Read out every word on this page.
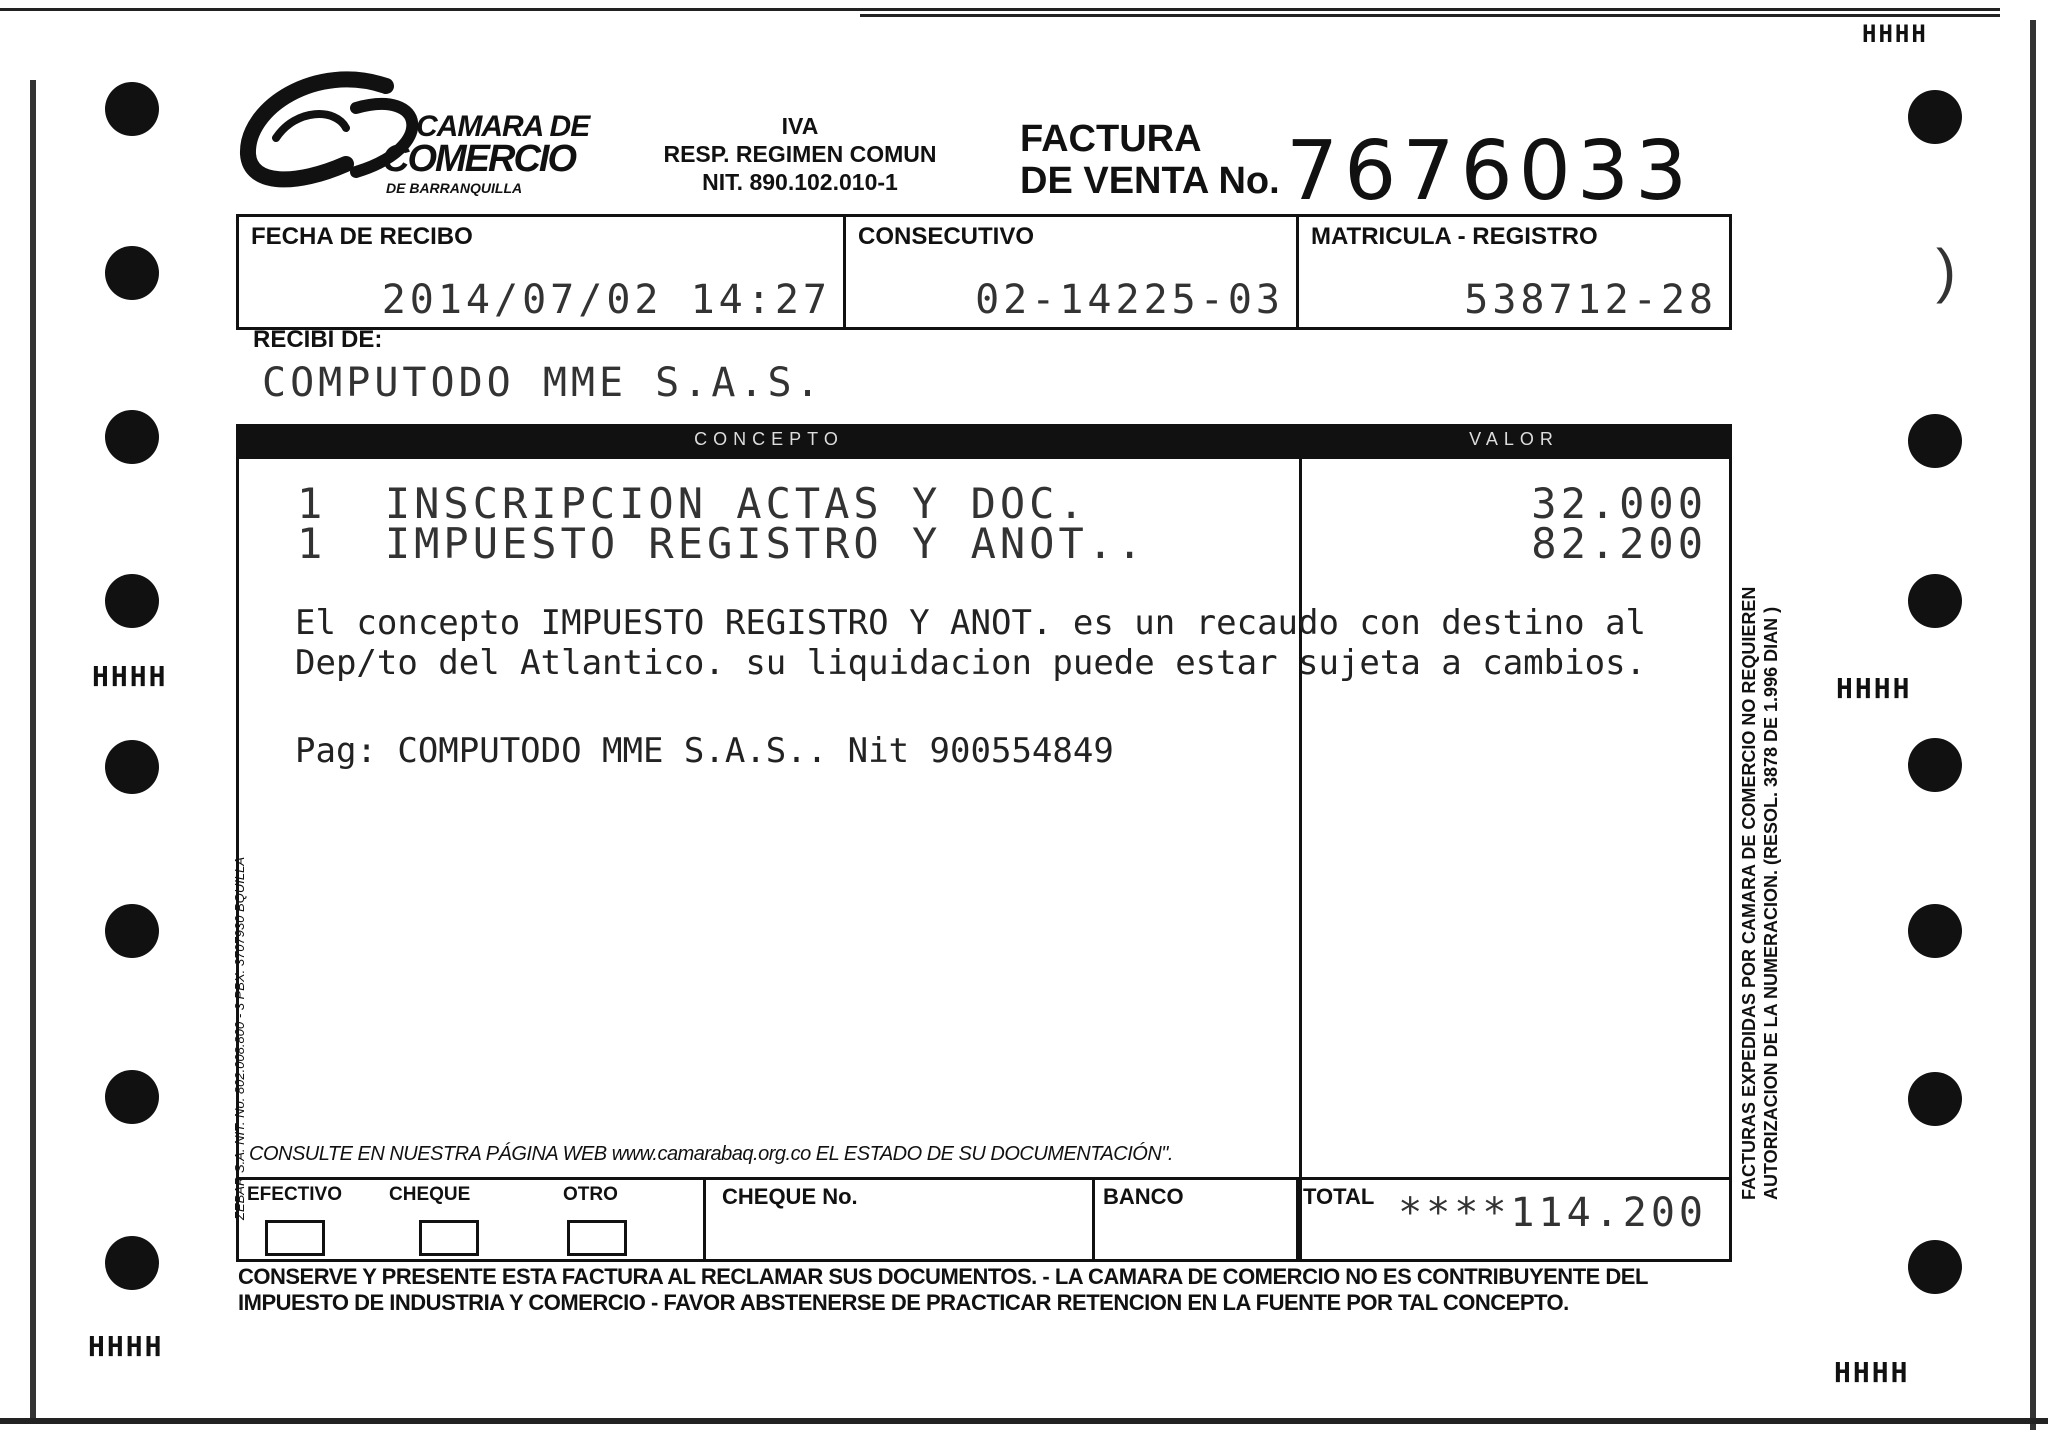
HHHH
HHHH	HHHH
HHHH
HHHH
)
CAMARA DE
COMERCIO
DE BARRANQUILLA
IVA
RESP. REGIMEN COMUN
NIT. 890.102.010-1
FACTURA
DE VENTA No. 7676033
FECHA DE RECIBO
2014/07/02 14:27
CONSECUTIVO
02-14225-03
MATRICULA - REGISTRO
538712-28
RECIBI DE:
COMPUTODO MME S.A.S.
CONCEPTO	VALOR
1  INSCRIPCION ACTAS Y DOC.	32.000
1  IMPUESTO REGISTRO Y ANOT..	82.200
El concepto IMPUESTO REGISTRO Y ANOT. es un recaudo con destino al
Dep/to del Atlantico. su liquidacion puede estar sujeta a cambios.
Pag: COMPUTODO MME S.A.S.. Nit 900554849
CONSULTE EN NUESTRA PÁGINA WEB www.camarabaq.org.co EL ESTADO DE SU DOCUMENTACIÓN".
EFECTIVO CHEQUE	OTRO	CHEQUE No.	BANCO	TOTAL ****114.200
CONSERVE Y PRESENTE ESTA FACTURA AL RECLAMAR SUS DOCUMENTOS. - LA CAMARA DE COMERCIO NO ES CONTRIBUYENTE DEL IMPUESTO DE INDUSTRIA Y COMERCIO - FAVOR ABSTENERSE DE PRACTICAR RETENCION EN LA FUENTE POR TAL CONCEPTO.
FACTURAS EXPEDIDAS POR CAMARA DE COMERCIO NO REQUIEREN AUTORIZACION DE LA NUMERACION. (RESOL. 3878 DE 1.996 DIAN )
ZEBAR S.A. NIT. No. 802.008.800 - 3 PBX: 3707930 BQUILLA
